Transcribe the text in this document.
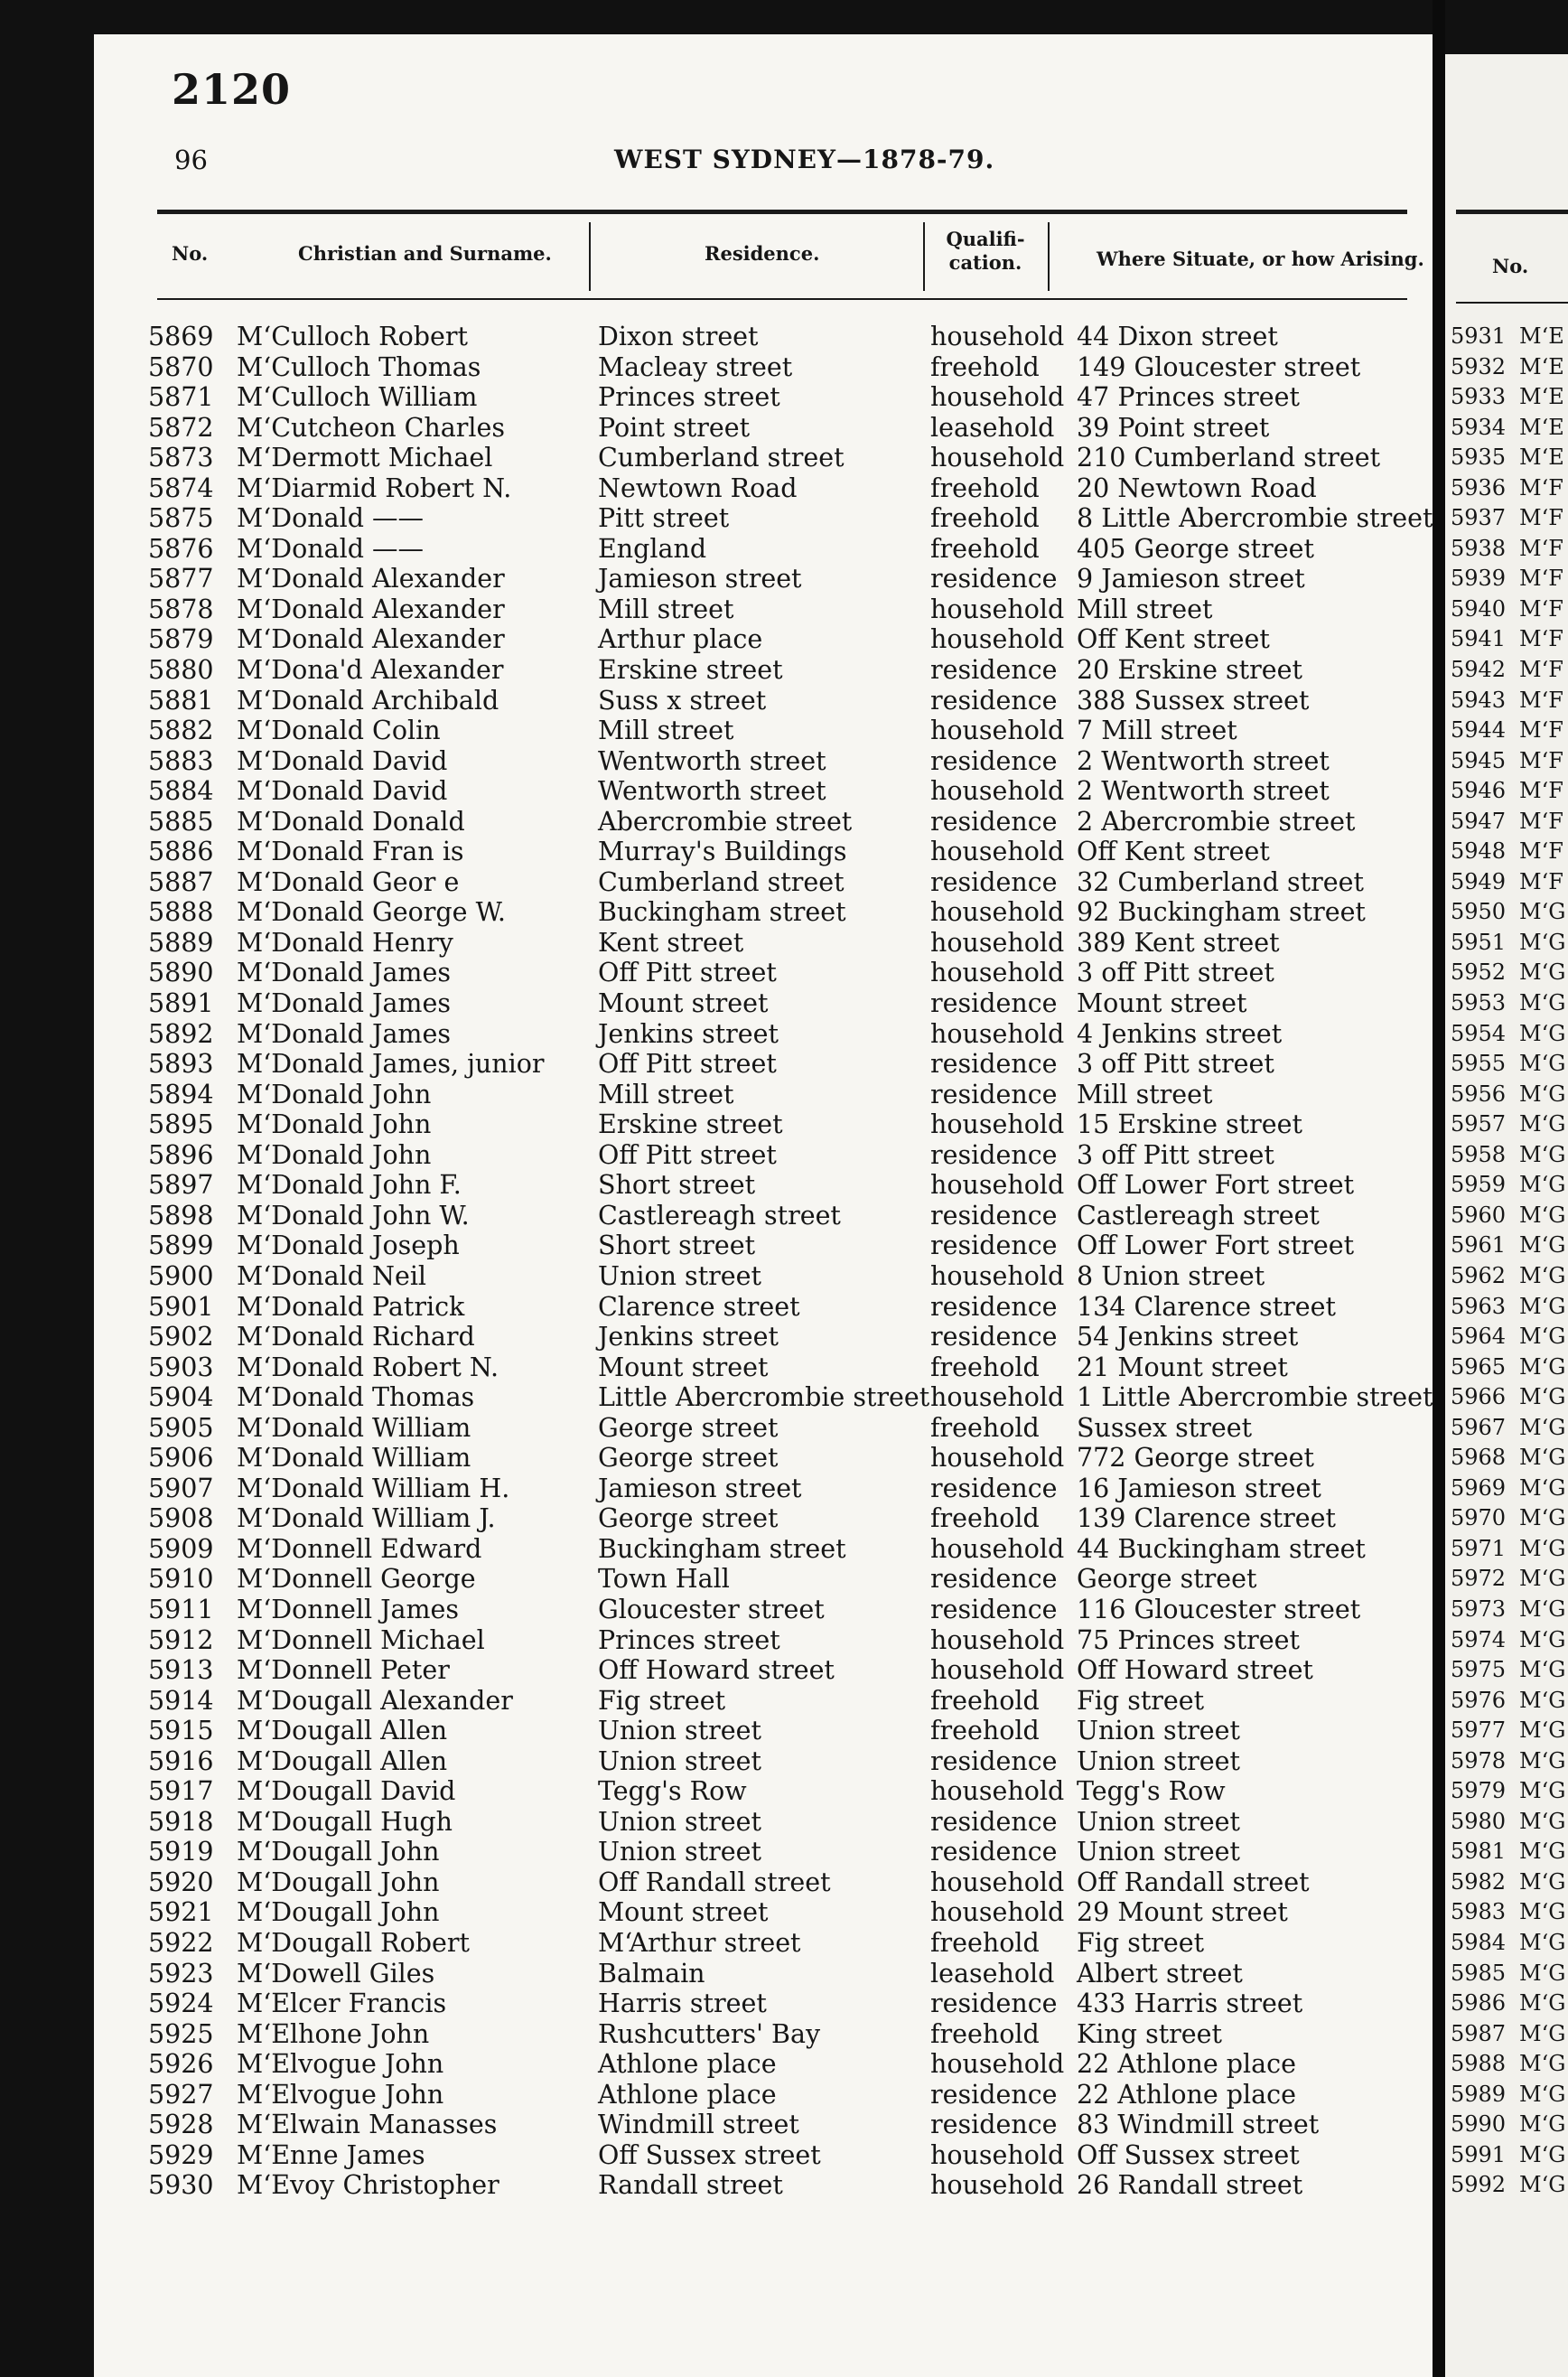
2120
96	WEST SYDNEY—1878-79.
No.	Christian and Surname.	Residence.
Qualifi-
cation.	Where Situate, or how Arising.
5869 M‘Culloch Robert	Dixon street	household 44 Dixon street
5870 M‘Culloch Thomas	Macleay street	freehold 149 Gloucester street
5871 M‘Culloch William	Princes street	household 47 Princes street
5872 M‘Cutcheon Charles	Point street	leasehold 39 Point street
5873 M‘Dermott Michael	Cumberland street	household 210 Cumberland street
5874 M‘Diarmid Robert N.	Newtown Road	freehold 20 Newtown Road
5875 M‘Donald ——	Pitt street	freehold 8 Little Abercrombie street
5876 M‘Donald ——	England	freehold 405 George street
5877 M‘Donald Alexander	Jamieson street	residence 9 Jamieson street
5878 M‘Donald Alexander	Mill street	household Mill street
5879 M‘Donald Alexander	Arthur place	household Off Kent street
5880 M‘Dona'd Alexander	Erskine street	residence 20 Erskine street
5881 M‘Donald Archibald	Suss x street	residence 388 Sussex street
5882 M‘Donald Colin	Mill street	household 7 Mill street
5883 M‘Donald David	Wentworth street	residence 2 Wentworth street
5884 M‘Donald David	Wentworth street	household 2 Wentworth street
5885 M‘Donald Donald	Abercrombie street	residence 2 Abercrombie street
5886 M‘Donald Fran is	Murray's Buildings	household Off Kent street
5887 M‘Donald Geor e	Cumberland street	residence 32 Cumberland street
5888 M‘Donald George W.	Buckingham street	household 92 Buckingham street
5889 M‘Donald Henry	Kent street	household 389 Kent street
5890 M‘Donald James	Off Pitt street	household 3 off Pitt street
5891 M‘Donald James	Mount street	residence Mount street
5892 M‘Donald James	Jenkins street	household 4 Jenkins street
5893 M‘Donald James, junior Off Pitt street	residence 3 off Pitt street
5894 M‘Donald John	Mill street	residence Mill street
5895 M‘Donald John	Erskine street	household 15 Erskine street
5896 M‘Donald John	Off Pitt street	residence 3 off Pitt street
5897 M‘Donald John F.	Short street	household Off Lower Fort street
5898 M‘Donald John W.	Castlereagh street	residence Castlereagh street
5899 M‘Donald Joseph	Short street	residence Off Lower Fort street
5900 M‘Donald Neil	Union street	household 8 Union street
5901 M‘Donald Patrick	Clarence street	residence 134 Clarence street
5902 M‘Donald Richard	Jenkins street	residence 54 Jenkins street
5903 M‘Donald Robert N.	Mount street	freehold 21 Mount street
5904 M‘Donald Thomas	Little Abercrombie street household 1 Little Abercrombie street
5905 M‘Donald William	George street	freehold Sussex street
5906 M‘Donald William	George street	household 772 George street
5907 M‘Donald William H.	Jamieson street	residence 16 Jamieson street
5908 M‘Donald William J.	George street	freehold 139 Clarence street
5909 M‘Donnell Edward	Buckingham street	household 44 Buckingham street
5910 M‘Donnell George	Town Hall	residence George street
5911 M‘Donnell James	Gloucester street	residence 116 Gloucester street
5912 M‘Donnell Michael	Princes street	household 75 Princes street
5913 M‘Donnell Peter	Off Howard street	household Off Howard street
5914 M‘Dougall Alexander	Fig street	freehold Fig street
5915 M‘Dougall Allen	Union street	freehold Union street
5916 M‘Dougall Allen	Union street	residence Union street
5917 M‘Dougall David	Tegg's Row	household Tegg's Row
5918 M‘Dougall Hugh	Union street	residence Union street
5919 M‘Dougall John	Union street	residence Union street
5920 M‘Dougall John	Off Randall street	household Off Randall street
5921 M‘Dougall John	Mount street	household 29 Mount street
5922 M‘Dougall Robert	M‘Arthur street	freehold Fig street
5923 M‘Dowell Giles	Balmain	leasehold Albert street
5924 M‘Elcer Francis	Harris street	residence 433 Harris street
5925 M‘Elhone John	Rushcutters' Bay	freehold King street
5926 M‘Elvogue John	Athlone place	household 22 Athlone place
5927 M‘Elvogue John	Athlone place	residence 22 Athlone place
5928 M‘Elwain Manasses	Windmill street	residence 83 Windmill street
5929 M‘Enne James	Off Sussex street	household Off Sussex street
5930 M‘Evoy Christopher	Randall street	household 26 Randall street
No.
5931 M‘E
5932 M‘E
5933 M‘E
5934 M‘E
5935 M‘E
5936 M‘F
5937 M‘F
5938 M‘F
5939 M‘F
5940 M‘F
5941 M‘F
5942 M‘F
5943 M‘F
5944 M‘F
5945 M‘F
5946 M‘F
5947 M‘F
5948 M‘F
5949 M‘F
5950 M‘G
5951 M‘G
5952 M‘G
5953 M‘G
5954 M‘G
5955 M‘G
5956 M‘G
5957 M‘G
5958 M‘G
5959 M‘G
5960 M‘G
5961 M‘G
5962 M‘G
5963 M‘G
5964 M‘G
5965 M‘G
5966 M‘G
5967 M‘G
5968 M‘G
5969 M‘G
5970 M‘G
5971 M‘G
5972 M‘G
5973 M‘G
5974 M‘G
5975 M‘G
5976 M‘G
5977 M‘G
5978 M‘G
5979 M‘G
5980 M‘G
5981 M‘G
5982 M‘G
5983 M‘G
5984 M‘G
5985 M‘G
5986 M‘G
5987 M‘G
5988 M‘G
5989 M‘G
5990 M‘G
5991 M‘G
5992 M‘G
